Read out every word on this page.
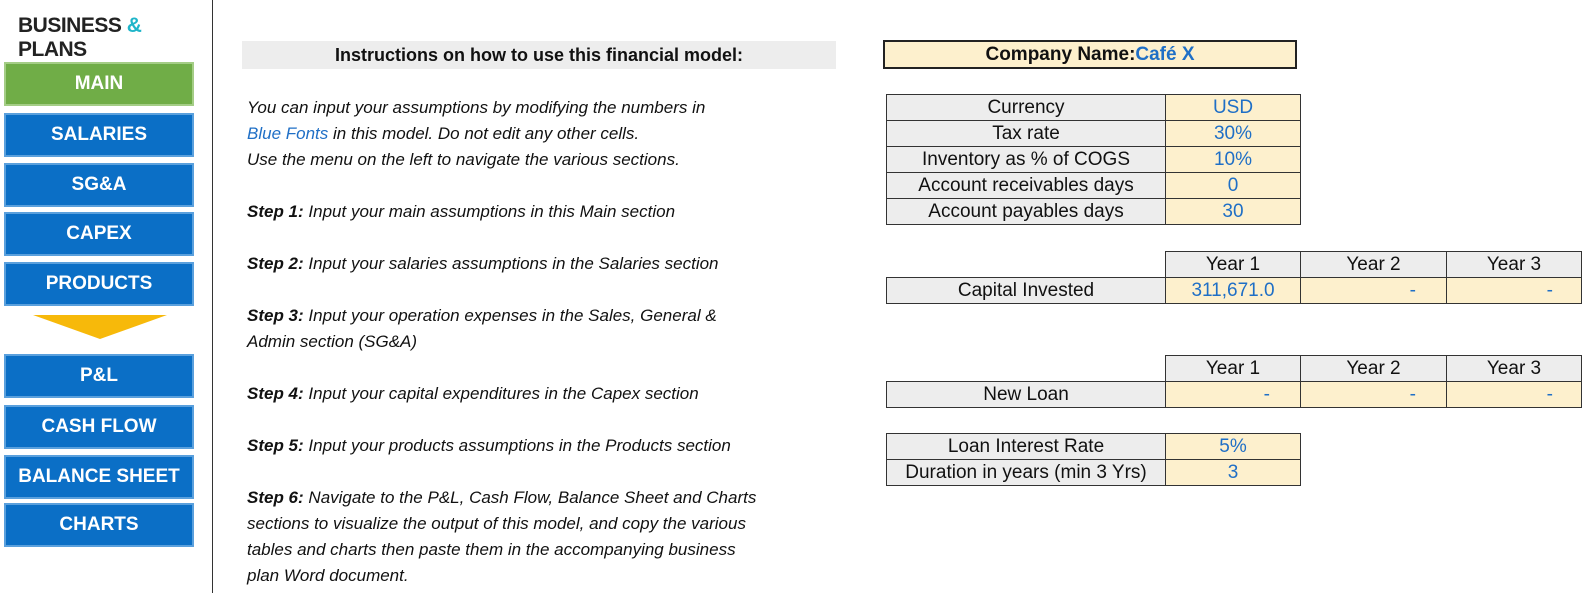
BUSINESS & PLANS
MAIN
SALARIES
SG&A
CAPEX
PRODUCTS
P&L
CASH FLOW
BALANCE SHEET
CHARTS
Instructions on how to use this financial model:
You can input your assumptions by modifying the numbers in
Blue Fonts in this model. Do not edit any other cells.
Use the menu on the left to navigate the various sections.
Step 1: Input your main assumptions in this Main section
Step 2: Input your salaries assumptions in the Salaries section
Step 3: Input your operation expenses in the Sales, General &
Admin section (SG&A)
Step 4: Input your capital expenditures in the Capex section
Step 5: Input your products assumptions in the Products section
Step 6: Navigate to the P&L, Cash Flow, Balance Sheet and Charts
sections to visualize the output of this model, and copy the various
tables and charts then paste them in the accompanying business
plan Word document.
Company Name: Café X
Currency	USD
Tax rate	30%
Inventory as % of COGS	10%
Account receivables days	0
Account payables days	30
Year 1	Year 2	Year 3
Capital Invested	311,671.0	-	-
Year 1	Year 2	Year 3
New Loan	-	-	-
Loan Interest Rate	5%
Duration in years (min 3 Yrs)	3
